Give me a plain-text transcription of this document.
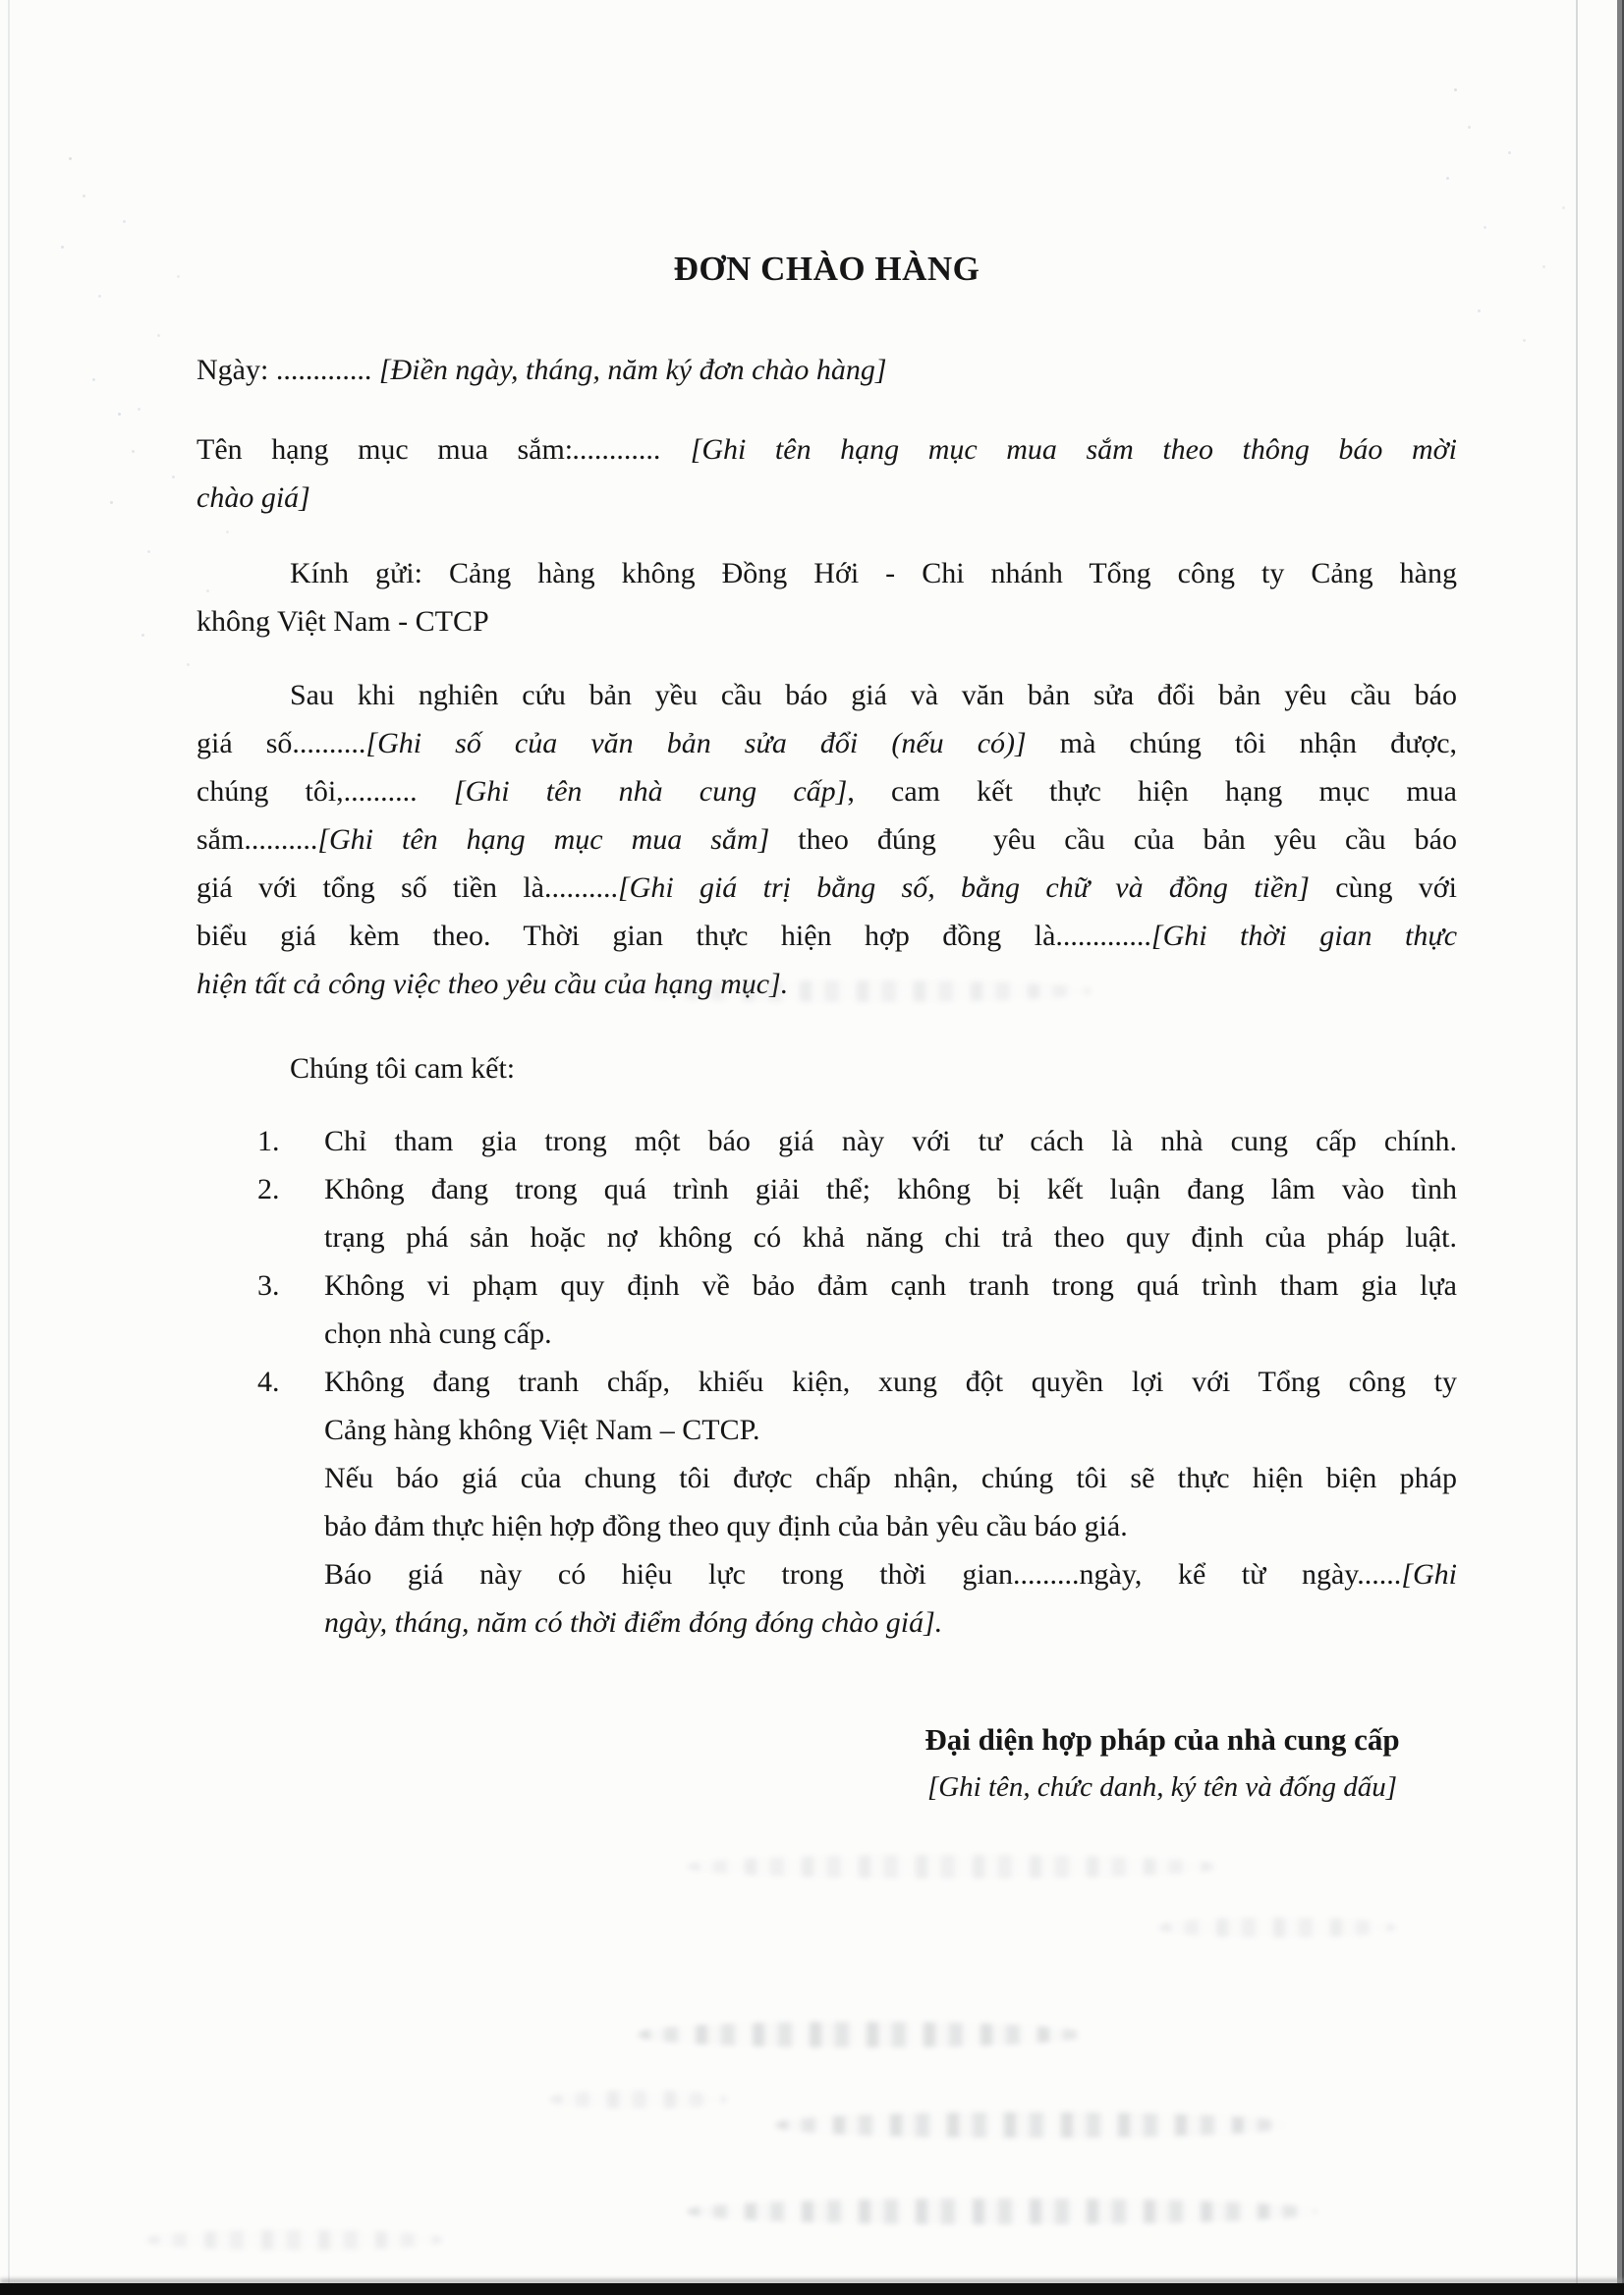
ĐƠN CHÀO HÀNG
Ngày: ............. [Điền ngày, tháng, năm ký đơn chào hàng]
Tên hạng mục mua sắm:............ [Ghi tên hạng mục mua sắm theo thông báo mời
chào giá]
Kính gửi: Cảng hàng không Đồng Hới - Chi nhánh Tổng công ty Cảng hàng
không Việt Nam - CTCP
Sau khi nghiên cứu bản yều cầu báo giá và văn bản sửa đổi bản yêu cầu báo
giá số..........[Ghi số của văn bản sửa đổi (nếu có)] mà chúng tôi nhận được,
chúng tôi,.......... [Ghi tên nhà cung cấp], cam kết thực hiện hạng mục mua
sắm..........[Ghi tên hạng mục mua sắm] theo đúng  yêu cầu của bản yêu cầu báo
giá với tổng số tiền là..........[Ghi giá trị bằng số, bằng chữ và đồng tiền] cùng với
biểu giá kèm theo. Thời gian thực hiện hợp đồng là.............[Ghi thời gian thực
hiện tất cả công việc theo yêu cầu của hạng mục].
Chúng tôi cam kết:
1.	Chỉ tham gia trong một báo giá này với tư cách là nhà cung cấp chính.
2.	Không đang trong quá trình giải thể; không bị kết luận đang lâm vào tình
trạng phá sản hoặc nợ không có khả năng chi trả theo quy định của pháp luật.
3.	Không vi phạm quy định về bảo đảm cạnh tranh trong quá trình tham gia lựa
chọn nhà cung cấp.
4.	Không đang tranh chấp, khiếu kiện, xung đột quyền lợi với Tổng công ty
Cảng hàng không Việt Nam – CTCP.
Nếu báo giá của chung tôi được chấp nhận, chúng tôi sẽ thực hiện biện pháp
bảo đảm thực hiện hợp đồng theo quy định của bản yêu cầu báo giá.
Báo giá này có hiệu lực trong thời gian.........ngày, kể từ ngày......[Ghi
ngày, tháng, năm có thời điểm đóng đóng chào giá].
Đại diện hợp pháp của nhà cung cấp
[Ghi tên, chức danh, ký tên và đống dấu]
